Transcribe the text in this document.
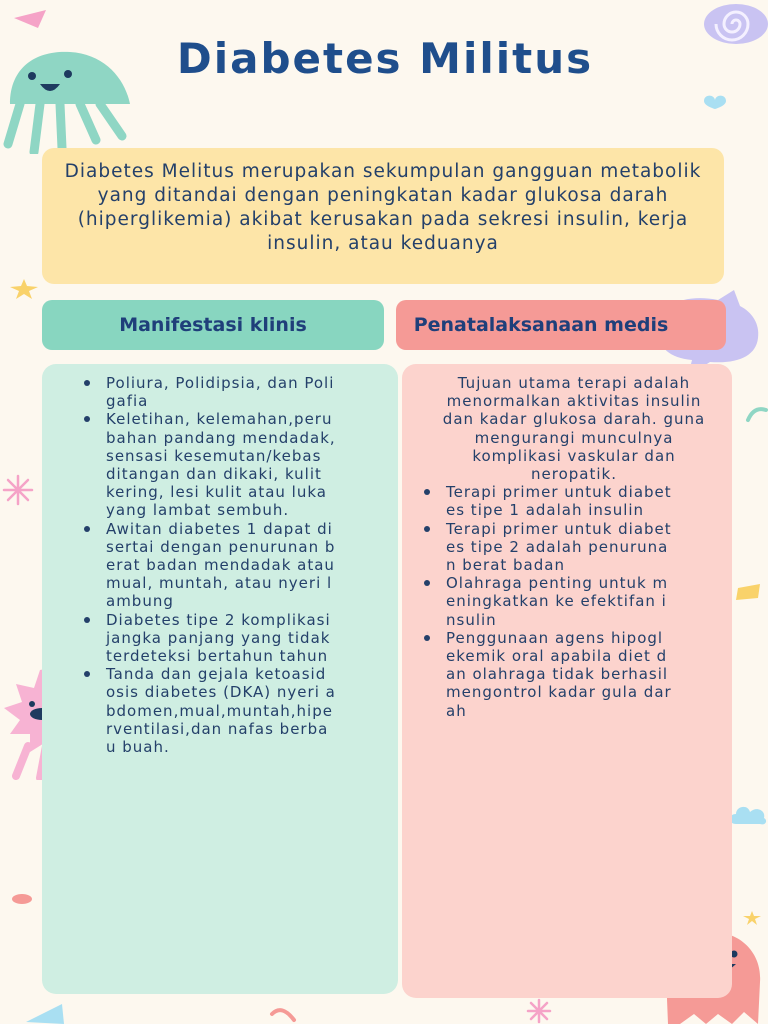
Diabetes Militus
Diabetes Melitus merupakan sekumpulan gangguan metabolik yang ditandai dengan peningkatan kadar glukosa darah (hiperglikemia) akibat kerusakan pada sekresi insulin, kerja insulin, atau keduanya
Manifestasi klinis	Penatalaksanaan medis
Poliura, Polidipsia, dan Poligafia
Keletihan, kelemahan,perubahan pandang mendadak, sensasi kesemutan/kebas ditangan dan dikaki, kulit kering, lesi kulit atau luka yang lambat sembuh.
Awitan diabetes 1 dapat disertai dengan penurunan berat badan mendadak atau mual, muntah, atau nyeri lambung
Diabetes tipe 2 komplikasi jangka panjang yang tidak terdeteksi bertahun tahun
Tanda dan gejala ketoasidosis diabetes (DKA) nyeri abdomen,mual,muntah,hiperventilasi,dan nafas berbau buah.
Tujuan utama terapi adalah menormalkan aktivitas insulin dan kadar glukosa darah. guna mengurangi munculnya komplikasi vaskular dan neropatik.
Terapi primer untuk diabetes tipe 1 adalah insulin
Terapi primer untuk diabetes tipe 2 adalah penurunan berat badan
Olahraga penting untuk meningkatkan ke efektifan insulin
Penggunaan agens hipoglekemik oral apabila diet dan olahraga tidak berhasil mengontrol kadar gula darah
